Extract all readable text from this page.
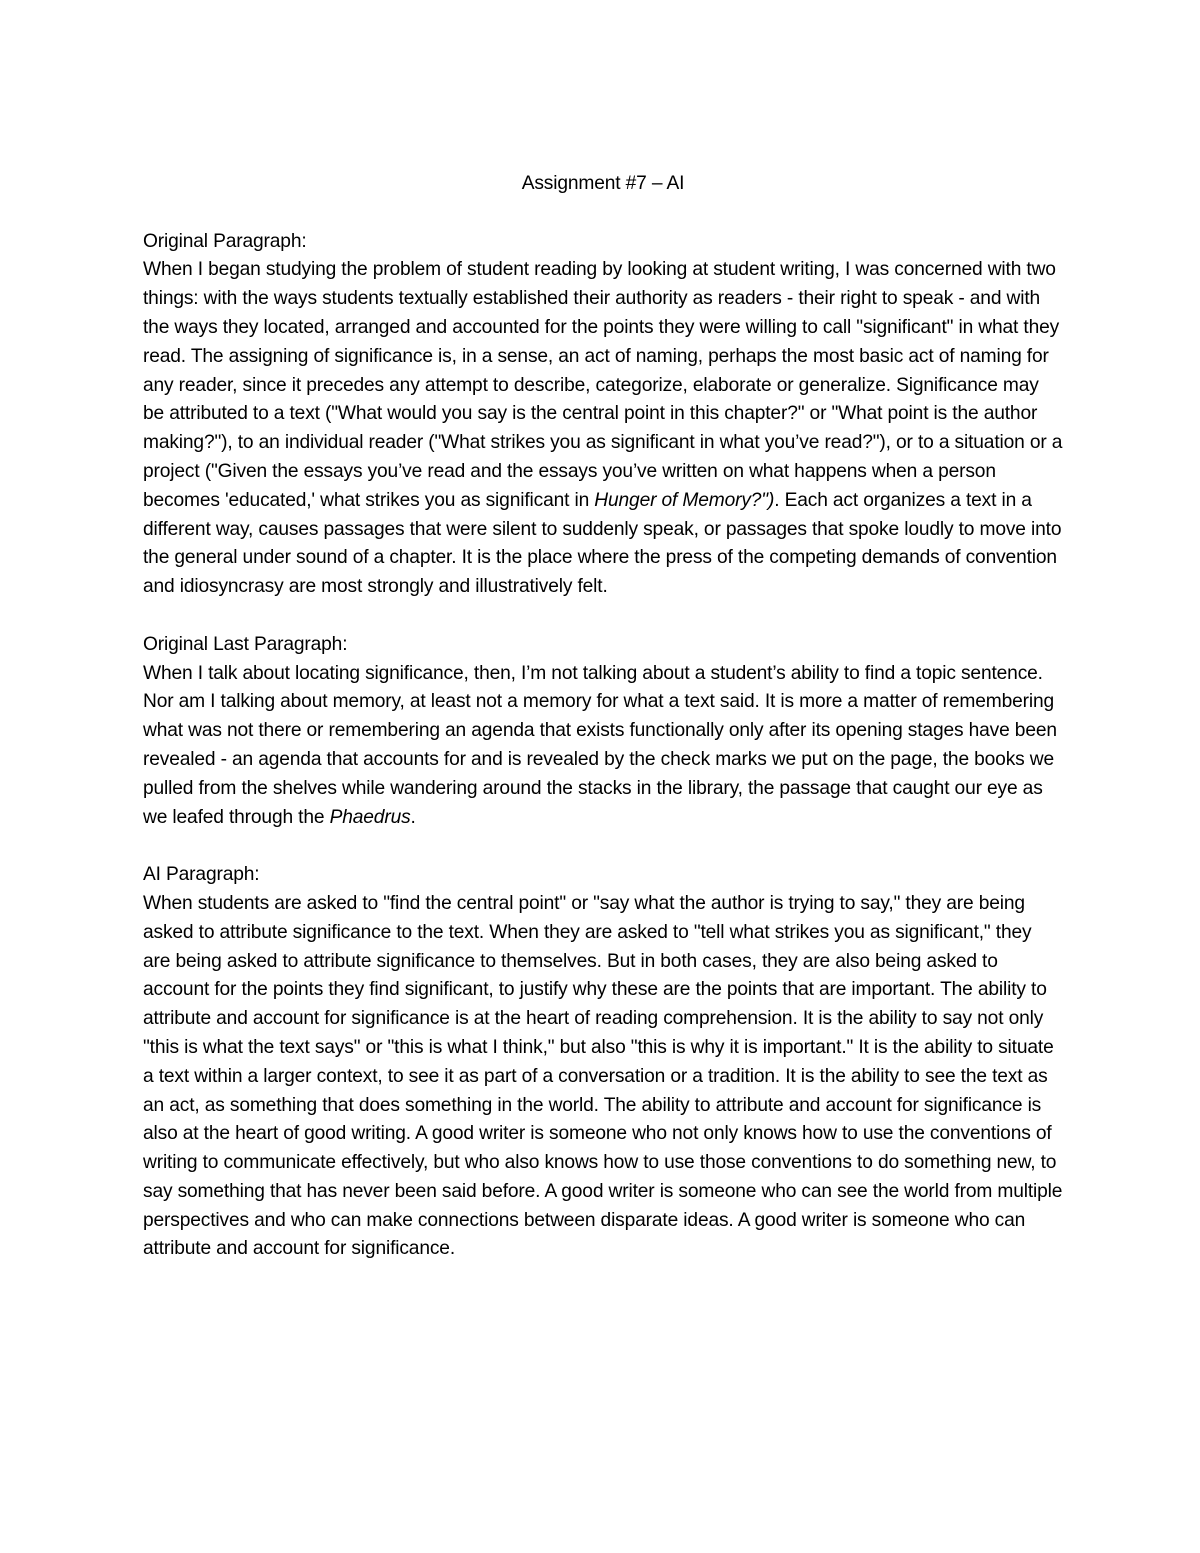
Assignment #7 – AI
Original Paragraph:
When I began studying the problem of student reading by looking at student writing, I was concerned with two things: with the ways students textually established their authority as readers - their right to speak - and with the ways they located, arranged and accounted for the points they were willing to call "significant" in what they read. The assigning of significance is, in a sense, an act of naming, perhaps the most basic act of naming for any reader, since it precedes any attempt to describe, categorize, elaborate or generalize. Significance may be attributed to a text ("What would you say is the central point in this chapter?" or "What point is the author making?"), to an individual reader ("What strikes you as significant in what you’ve read?"), or to a situation or a project ("Given the essays you’ve read and the essays you’ve written on what happens when a person becomes 'educated,' what strikes you as significant in Hunger of Memory?"). Each act organizes a text in a different way, causes passages that were silent to suddenly speak, or passages that spoke loudly to move into the general under sound of a chapter. It is the place where the press of the competing demands of convention and idiosyncrasy are most strongly and illustratively felt.
Original Last Paragraph:
When I talk about locating significance, then, I’m not talking about a student’s ability to find a topic sentence. Nor am I talking about memory, at least not a memory for what a text said. It is more a matter of remembering what was not there or remembering an agenda that exists functionally only after its opening stages have been revealed - an agenda that accounts for and is revealed by the check marks we put on the page, the books we pulled from the shelves while wandering around the stacks in the library, the passage that caught our eye as we leafed through the Phaedrus.
AI Paragraph:
When students are asked to "find the central point" or "say what the author is trying to say," they are being asked to attribute significance to the text. When they are asked to "tell what strikes you as significant," they are being asked to attribute significance to themselves. But in both cases, they are also being asked to account for the points they find significant, to justify why these are the points that are important. The ability to attribute and account for significance is at the heart of reading comprehension. It is the ability to say not only "this is what the text says" or "this is what I think," but also "this is why it is important." It is the ability to situate a text within a larger context, to see it as part of a conversation or a tradition. It is the ability to see the text as an act, as something that does something in the world. The ability to attribute and account for significance is also at the heart of good writing. A good writer is someone who not only knows how to use the conventions of writing to communicate effectively, but who also knows how to use those conventions to do something new, to say something that has never been said before. A good writer is someone who can see the world from multiple perspectives and who can make connections between disparate ideas. A good writer is someone who can attribute and account for significance.
